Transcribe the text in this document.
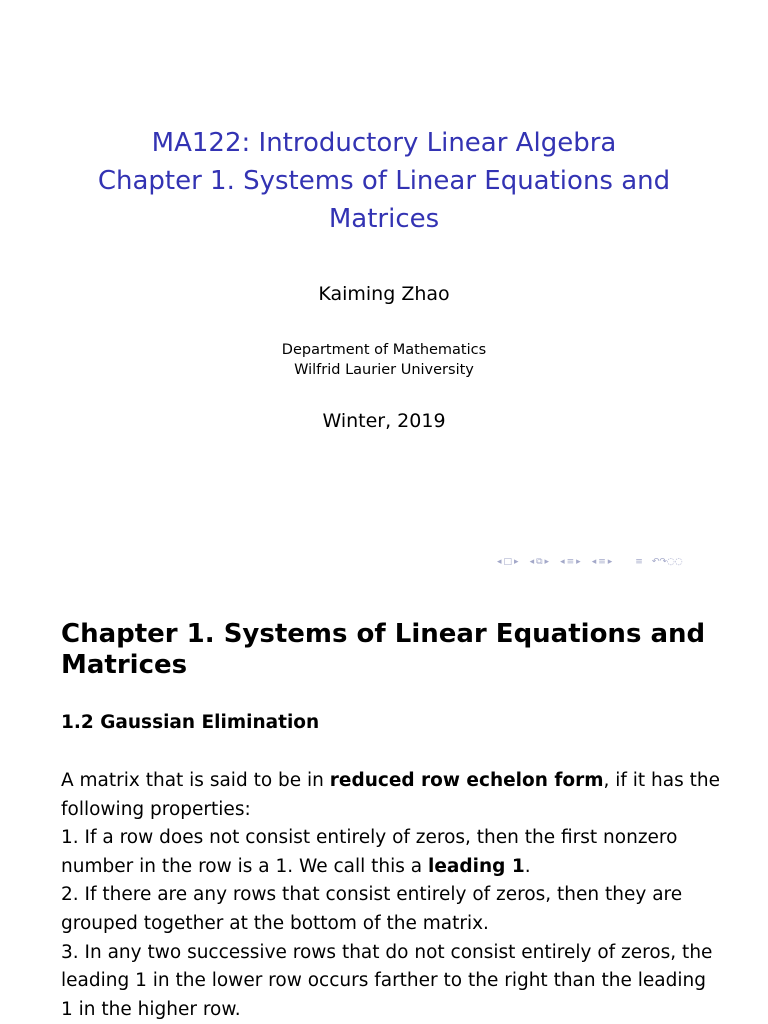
MA122: Introductory Linear Algebra
Chapter 1. Systems of Linear Equations and
Matrices
Kaiming Zhao
Department of Mathematics
Wilfrid Laurier University
Winter, 2019
◂ □ ▸ ◂ ⧉ ▸ ◂ ≡ ▸ ◂ ≡ ▸	≡ ↶↷◌◌
Chapter 1. Systems of Linear Equations and
Matrices
1.2 Gaussian Elimination

A matrix that is said to be in reduced row echelon form, if it has the following properties:

1. If a row does not consist entirely of zeros, then the first nonzero number in the row is a 1. We call this a leading 1.

2. If there are any rows that consist entirely of zeros, then they are grouped together at the bottom of the matrix.

3. In any two successive rows that do not consist entirely of zeros, the leading 1 in the lower row occurs farther to the right than the leading 1 in the higher row.
